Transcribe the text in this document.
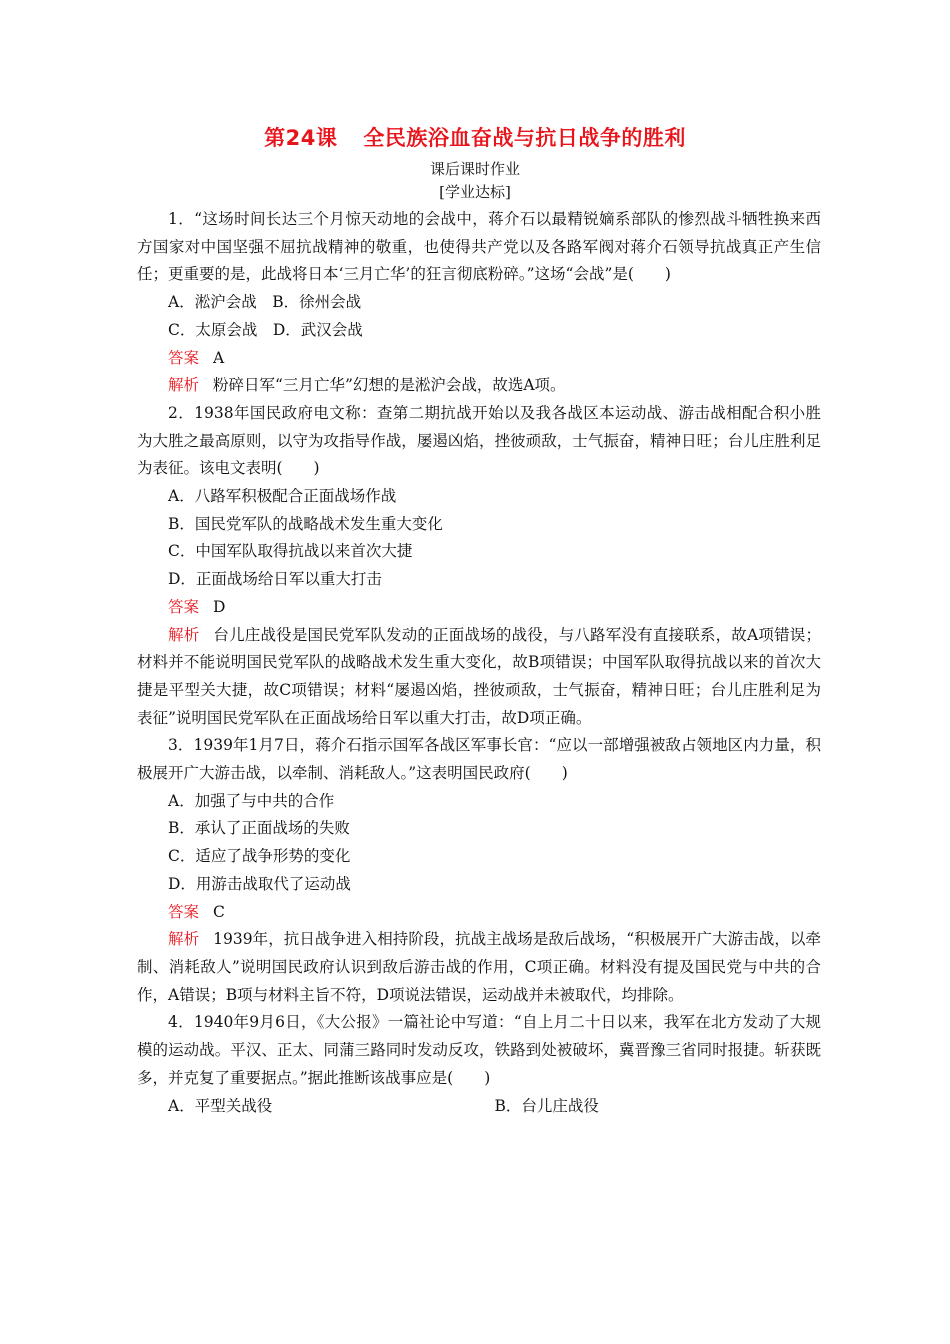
第24课 全民族浴血奋战与抗日战争的胜利
课后课时作业
[学业达标]

1．“这场时间长达三个月惊天动地的会战中，蒋介石以最精锐嫡系部队的惨烈战斗牺牲换来西方国家对中国坚强不屈抗战精神的敬重，也使得共产党以及各路军阀对蒋介石领导抗战真正产生信任；更重要的是，此战将日本‘三月亡华’的狂言彻底粉碎。”这场“会战”是(　　)

A．淞沪会战　B．徐州会战

C．太原会战　D．武汉会战

答案 A

解析 粉碎日军“三月亡华”幻想的是淞沪会战，故选A项。

2．1938年国民政府电文称：查第二期抗战开始以及我各战区本运动战、游击战相配合积小胜为大胜之最高原则，以守为攻指导作战，屡遏凶焰，挫彼顽敌，士气振奋，精神日旺；台儿庄胜利足为表征。该电文表明(　　)

A．八路军积极配合正面战场作战

B．国民党军队的战略战术发生重大变化

C．中国军队取得抗战以来首次大捷

D．正面战场给日军以重大打击

答案 D

解析 台儿庄战役是国民党军队发动的正面战场的战役，与八路军没有直接联系，故A项错误；材料并不能说明国民党军队的战略战术发生重大变化，故B项错误；中国军队取得抗战以来的首次大捷是平型关大捷，故C项错误；材料“屡遏凶焰，挫彼顽敌，士气振奋，精神日旺；台儿庄胜利足为表征”说明国民党军队在正面战场给日军以重大打击，故D项正确。

3．1939年1月7日，蒋介石指示国军各战区军事长官：“应以一部增强被敌占领地区内力量，积极展开广大游击战，以牵制、消耗敌人。”这表明国民政府(　　)

A．加强了与中共的合作

B．承认了正面战场的失败

C．适应了战争形势的变化

D．用游击战取代了运动战

答案 C

解析 1939年，抗日战争进入相持阶段，抗战主战场是敌后战场，“积极展开广大游击战，以牵制、消耗敌人”说明国民政府认识到敌后游击战的作用，C项正确。材料没有提及国民党与中共的合作，A错误；B项与材料主旨不符，D项说法错误，运动战并未被取代，均排除。

4．1940年9月6日，《大公报》一篇社论中写道：“自上月二十日以来，我军在北方发动了大规模的运动战。平汉、正太、同蒲三路同时发动反攻，铁路到处被破坏，冀晋豫三省同时报捷。斩获既多，并克复了重要据点。”据此推断该战事应是(　　)

A．平型关战役	B．台儿庄战役
